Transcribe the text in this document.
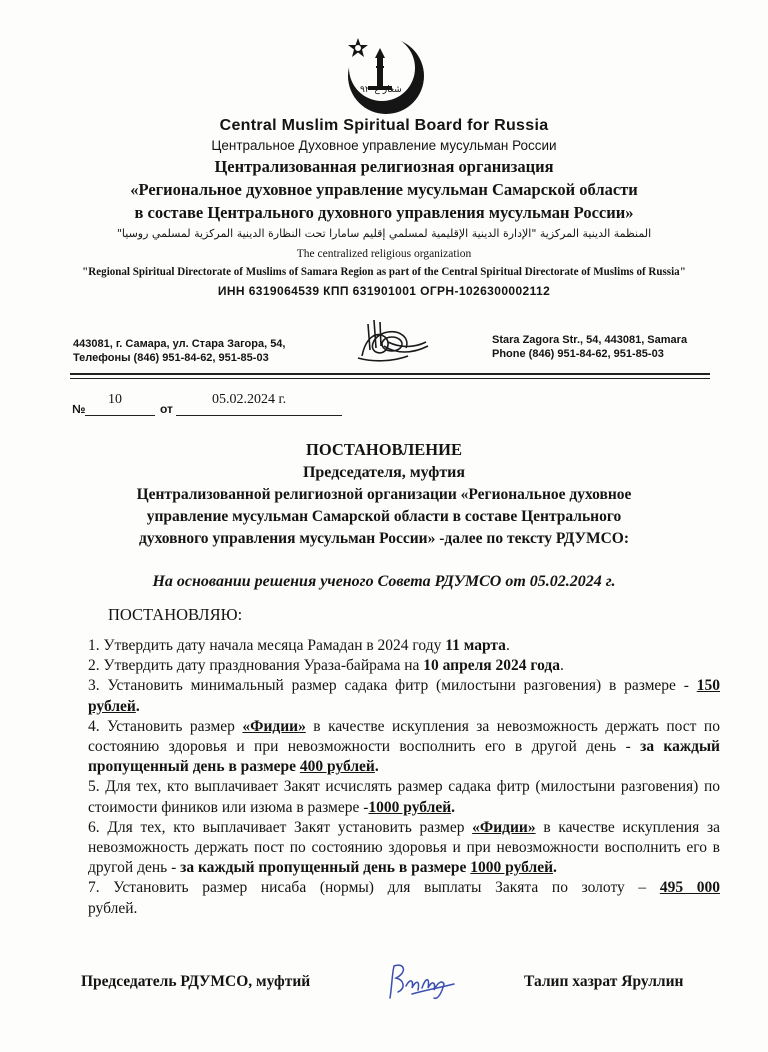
شعار ع٩٢٠
Central Muslim Spiritual Board for Russia
Центральное Духовное управление мусульман России
Централизованная религиозная организация
«Региональное духовное управление мусульман Самарской области
в составе Центрального духовного управления мусульман России»
المنظمة الدينية المركزية "الإدارة الدينية الإقليمية لمسلمي إقليم سامارا تحت النظارة الدينية المركزية لمسلمي روسيا"
The centralized religious organization
"Regional Spiritual Directorate of Muslims of Samara Region as part of the Central Spiritual Directorate of Muslims of Russia"
ИНН 6319064539 КПП 631901001 ОГРН-1026300002112
443081, г. Самара, ул. Стара Загора, 54,
Телефоны (846) 951-84-62, 951-85-03
Stara Zagora Str., 54, 443081, Samara
Phone (846) 951-84-62, 951-85-03
№	от
10	05.02.2024 г.
ПОСТАНОВЛЕНИЕ
Председателя, муфтия
Централизованной религиозной организации «Региональное духовное
управление мусульман Самарской области в составе Центрального
духовного управления мусульман России» -далее по тексту РДУМСО:
На основании решения ученого Совета РДУМСО от 05.02.2024 г.
ПОСТАНОВЛЯЮ:
1. Утвердить дату начала месяца Рамадан в 2024 году 11 марта.
2. Утвердить дату празднования Ураза-байрама на 10 апреля 2024 года.
3. Установить минимальный размер садака фитр (милостыни разговения) в размере - 150 рублей.
4. Установить размер «Фидии» в качестве искупления за невозможность держать пост по состоянию здоровья и при невозможности восполнить его в другой день - за каждый пропущенный день в размере 400 рублей.
5. Для тех, кто выплачивает Закят исчислять размер садака фитр (милостыни разговения) по стоимости фиников или изюма в размере -1000 рублей.
6. Для тех, кто выплачивает Закят установить размер «Фидии» в качестве искупления за невозможность держать пост по состоянию здоровья и при невозможности восполнить его в другой день - за каждый пропущенный день в размере 1000 рублей.
7. Установить размер нисаба (нормы) для выплаты Закята по золоту – 495 000
рублей.
Председатель РДУМСО, муфтий	Талип хазрат Яруллин
